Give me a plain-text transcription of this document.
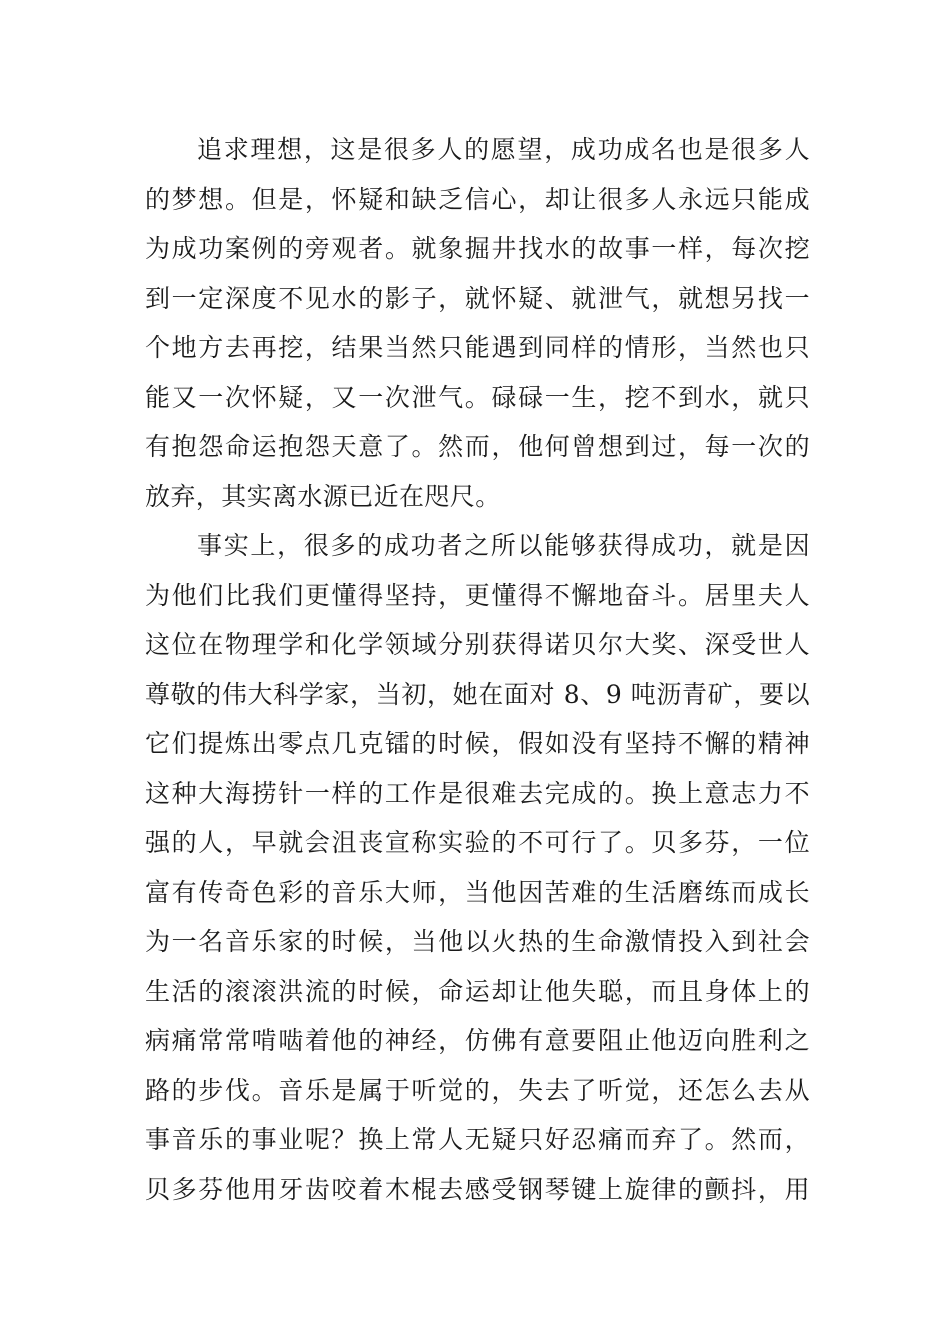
追求理想，这是很多人的愿望，成功成名也是很多人
的梦想。但是，怀疑和缺乏信心，却让很多人永远只能成
为成功案例的旁观者。就象掘井找水的故事一样，每次挖
到一定深度不见水的影子，就怀疑、就泄气，就想另找一
个地方去再挖，结果当然只能遇到同样的情形，当然也只
能又一次怀疑，又一次泄气。碌碌一生，挖不到水，就只
有抱怨命运抱怨天意了。然而，他何曾想到过，每一次的
放弃，其实离水源已近在咫尺。
事实上，很多的成功者之所以能够获得成功，就是因
为他们比我们更懂得坚持，更懂得不懈地奋斗。居里夫人
这位在物理学和化学领域分别获得诺贝尔大奖、深受世人
尊敬的伟大科学家，当初，她在面对 8、9 吨沥青矿，要以
它们提炼出零点几克镭的时候，假如没有坚持不懈的精神
这种大海捞针一样的工作是很难去完成的。换上意志力不
强的人，早就会沮丧宣称实验的不可行了。贝多芬，一位
富有传奇色彩的音乐大师，当他因苦难的生活磨练而成长
为一名音乐家的时候，当他以火热的生命激情投入到社会
生活的滚滚洪流的时候，命运却让他失聪，而且身体上的
病痛常常啃啮着他的神经，仿佛有意要阻止他迈向胜利之
路的步伐。音乐是属于听觉的，失去了听觉，还怎么去从
事音乐的事业呢？换上常人无疑只好忍痛而弃了。然而，
贝多芬他用牙齿咬着木棍去感受钢琴键上旋律的颤抖，用
